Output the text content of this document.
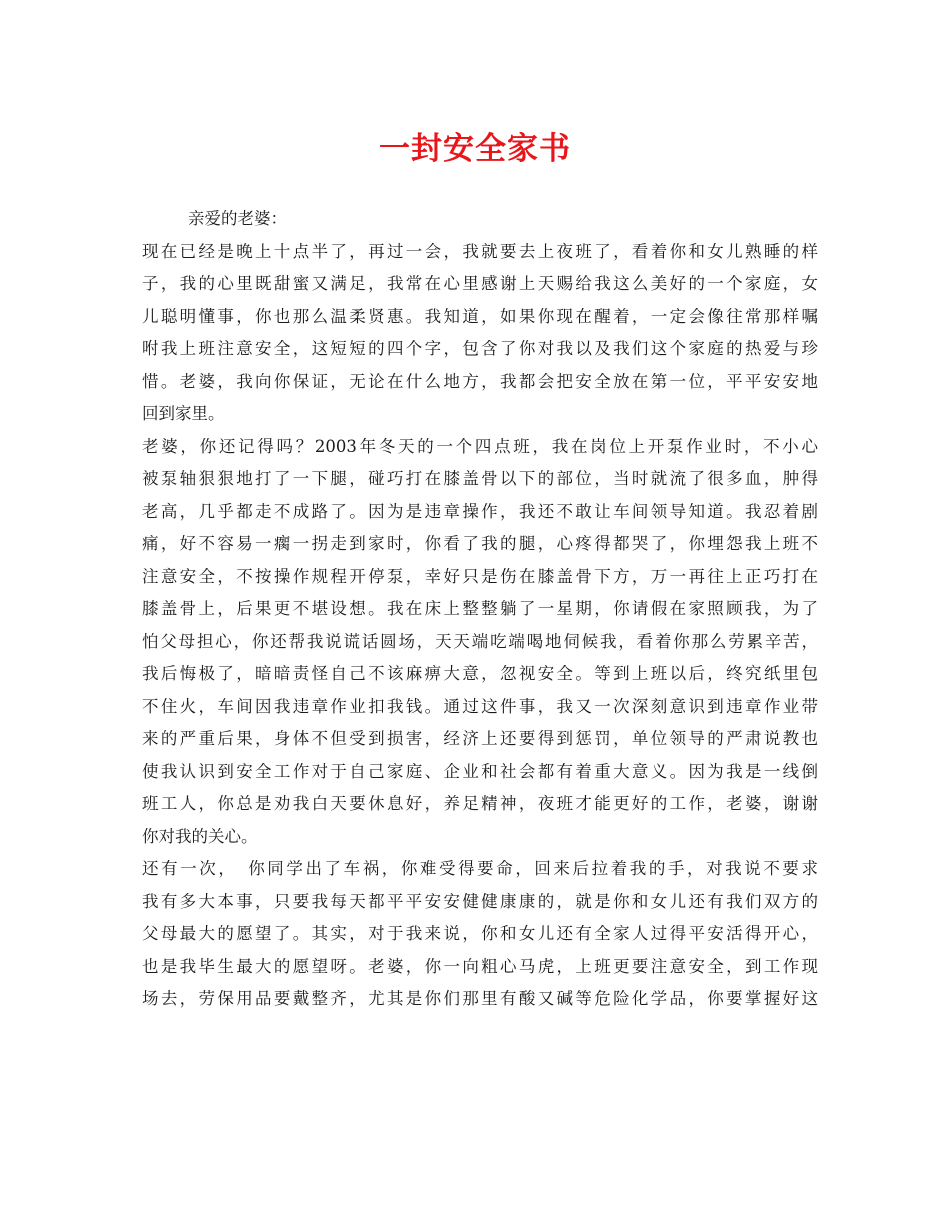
一封安全家书
亲爱的老婆：
现在已经是晚上十点半了，再过一会，我就要去上夜班了，看着你和女儿熟睡的样
子，我的心里既甜蜜又满足，我常在心里感谢上天赐给我这么美好的一个家庭，女
儿聪明懂事，你也那么温柔贤惠。我知道，如果你现在醒着，一定会像往常那样嘱
咐我上班注意安全，这短短的四个字，包含了你对我以及我们这个家庭的热爱与珍
惜。老婆，我向你保证，无论在什么地方，我都会把安全放在第一位，平平安安地
回到家里。
老婆，你还记得吗？2003年冬天的一个四点班，我在岗位上开泵作业时，不小心
被泵轴狠狠地打了一下腿，碰巧打在膝盖骨以下的部位，当时就流了很多血，肿得
老高，几乎都走不成路了。因为是违章操作，我还不敢让车间领导知道。我忍着剧
痛，好不容易一瘸一拐走到家时，你看了我的腿，心疼得都哭了，你埋怨我上班不
注意安全，不按操作规程开停泵，幸好只是伤在膝盖骨下方，万一再往上正巧打在
膝盖骨上，后果更不堪设想。我在床上整整躺了一星期，你请假在家照顾我，为了
怕父母担心，你还帮我说谎话圆场，天天端吃端喝地伺候我，看着你那么劳累辛苦，
我后悔极了，暗暗责怪自己不该麻痹大意，忽视安全。等到上班以后，终究纸里包
不住火，车间因我违章作业扣我钱。通过这件事，我又一次深刻意识到违章作业带
来的严重后果，身体不但受到损害，经济上还要得到惩罚，单位领导的严肃说教也
使我认识到安全工作对于自己家庭、企业和社会都有着重大意义。因为我是一线倒
班工人，你总是劝我白天要休息好，养足精神，夜班才能更好的工作，老婆，谢谢
你对我的关心。
还有一次，　你同学出了车祸，你难受得要命，回来后拉着我的手，对我说不要求
我有多大本事，只要我每天都平平安安健健康康的，就是你和女儿还有我们双方的
父母最大的愿望了。其实，对于我来说，你和女儿还有全家人过得平安活得开心，
也是我毕生最大的愿望呀。老婆，你一向粗心马虎，上班更要注意安全，到工作现
场去，劳保用品要戴整齐，尤其是你们那里有酸又碱等危险化学品，你要掌握好这
